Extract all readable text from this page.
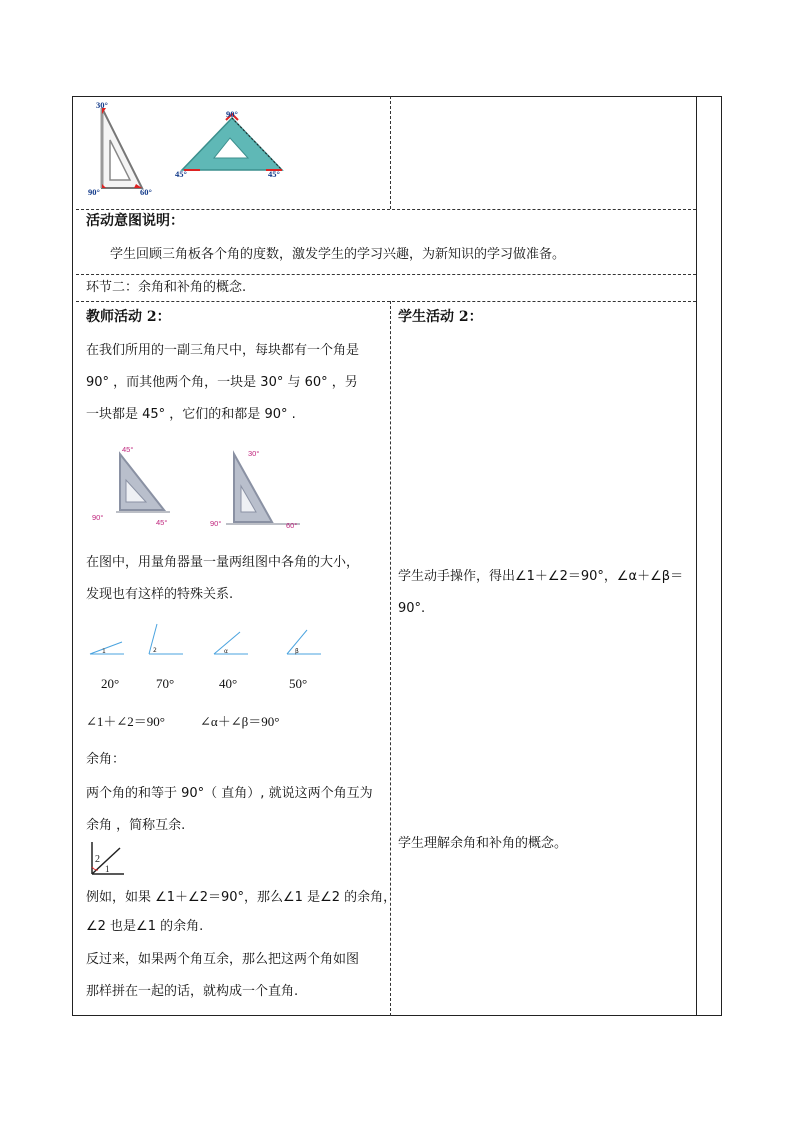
30°
90°	60°
90°
45°	45°
活动意图说明：
学生回顾三角板各个角的度数，激发学生的学习兴趣，为新知识的学习做准备。
环节二：余角和补角的概念.
教师活动 2：
在我们所用的一副三角尺中，每块都有一个角是
90° ，而其他两个角，一块是 30° 与 60° ，另
一块都是 45° ，它们的和都是 90° .
45°
90°
45°
30°
90°	60°
在图中，用量角器量一量两组图中各角的大小，
发现也有这样的特殊关系.
1	2	α	β
20°	70°	40°	50°
∠1＋∠2＝90°	∠α＋∠β＝90°
余角：
两个角的和等于 90°（ 直角）, 就说这两个角互为
余角 ，简称互余.
2
1
例如，如果 ∠1＋∠2＝90°，那么∠1 是∠2 的余角，
∠2 也是∠1 的余角.
反过来，如果两个角互余，那么把这两个角如图
那样拼在一起的话，就构成一个直角.
学生活动 2：
学生动手操作，得出∠1＋∠2＝90°，∠α＋∠β＝
90°.
学生理解余角和补角的概念。
